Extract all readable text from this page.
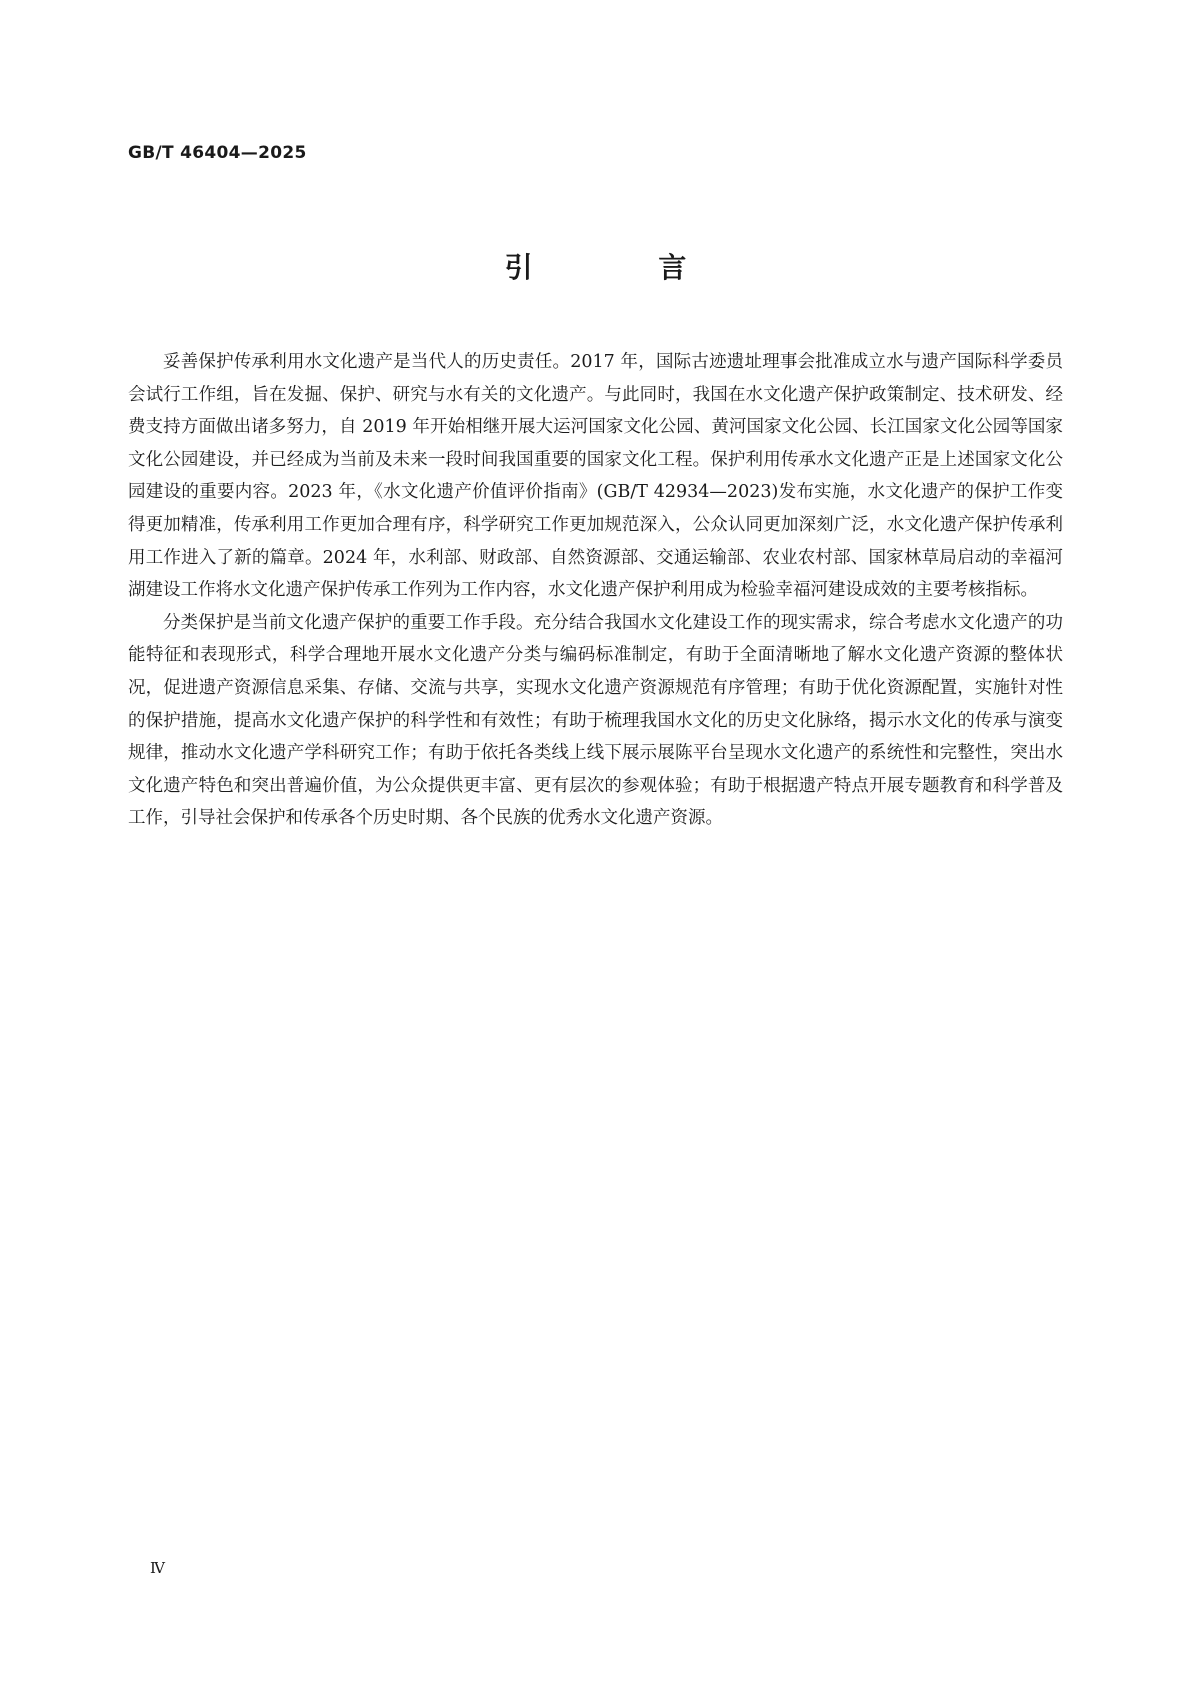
GB/T 46404—2025
引 言

妥善保护传承利用水文化遗产是当代人的历史责任。2017 年，国际古迹遗址理事会批准成立水与遗产国际科学委员会试行工作组，旨在发掘、保护、研究与水有关的文化遗产。与此同时，我国在水文化遗产保护政策制定、技术研发、经费支持方面做出诸多努力，自 2019 年开始相继开展大运河国家文化公园、黄河国家文化公园、长江国家文化公园等国家文化公园建设，并已经成为当前及未来一段时间我国重要的国家文化工程。保护利用传承水文化遗产正是上述国家文化公园建设的重要内容。2023 年，《水文化遗产价值评价指南》(GB/T 42934—2023)发布实施，水文化遗产的保护工作变得更加精准，传承利用工作更加合理有序，科学研究工作更加规范深入，公众认同更加深刻广泛，水文化遗产保护传承利用工作进入了新的篇章。2024 年，水利部、财政部、自然资源部、交通运输部、农业农村部、国家林草局启动的幸福河湖建设工作将水文化遗产保护传承工作列为工作内容，水文化遗产保护利用成为检验幸福河建设成效的主要考核指标。

分类保护是当前文化遗产保护的重要工作手段。充分结合我国水文化建设工作的现实需求，综合考虑水文化遗产的功能特征和表现形式，科学合理地开展水文化遗产分类与编码标准制定，有助于全面清晰地了解水文化遗产资源的整体状况，促进遗产资源信息采集、存储、交流与共享，实现水文化遗产资源规范有序管理；有助于优化资源配置，实施针对性的保护措施，提高水文化遗产保护的科学性和有效性；有助于梳理我国水文化的历史文化脉络，揭示水文化的传承与演变规律，推动水文化遗产学科研究工作；有助于依托各类线上线下展示展陈平台呈现水文化遗产的系统性和完整性，突出水文化遗产特色和突出普遍价值，为公众提供更丰富、更有层次的参观体验；有助于根据遗产特点开展专题教育和科学普及工作，引导社会保护和传承各个历史时期、各个民族的优秀水文化遗产资源。

Ⅳ
